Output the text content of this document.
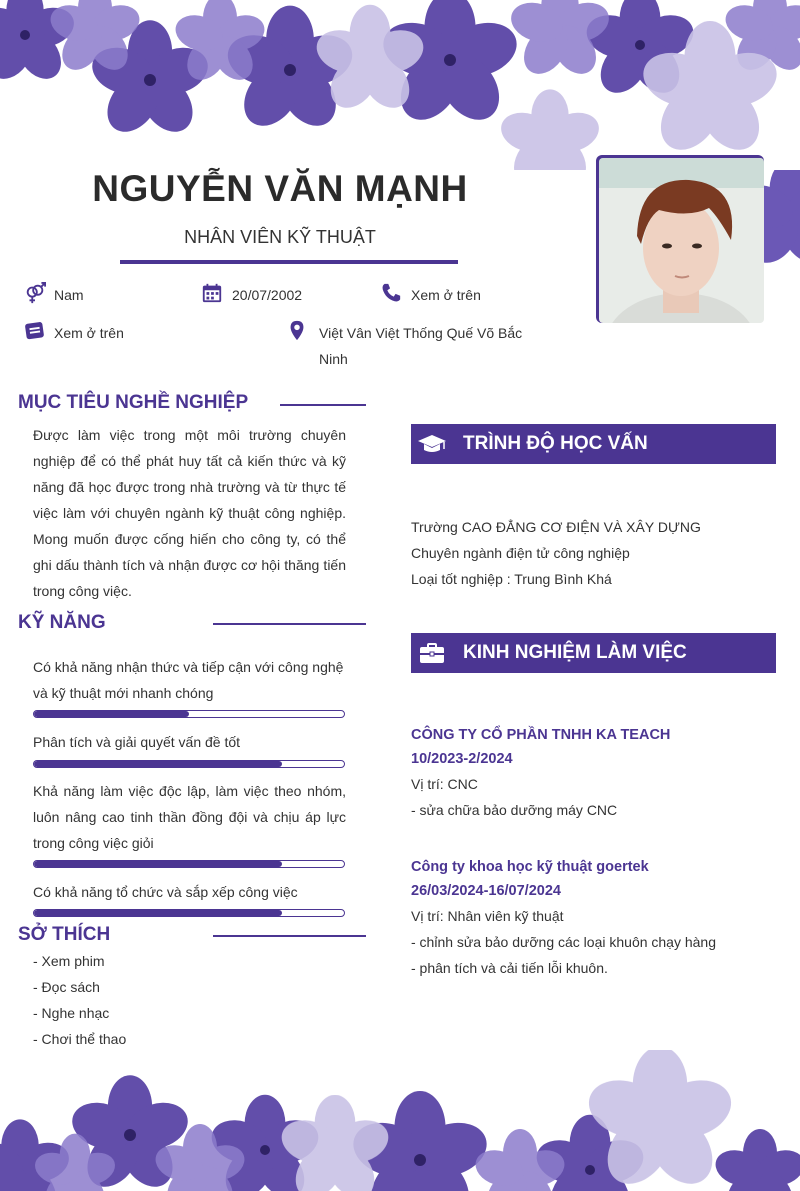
NGUYỄN VĂN MẠNH
NHÂN VIÊN KỸ THUẬT
Nam	20/07/2002	Xem ở trên
Xem ở trên	Việt Vân Việt Thống Quế Võ Bắc
Ninh
MỤC TIÊU NGHỀ NGHIỆP
Được làm việc trong một môi trường chuyên
nghiệp để có thể phát huy tất cả kiến thức và kỹ
năng đã học được trong nhà trường và từ thực tế
việc làm với chuyên ngành kỹ thuật công nghiệp.
Mong muốn được cống hiến cho công ty, có thể
ghi dấu thành tích và nhận được cơ hội thăng tiến
trong công việc.
KỸ NĂNG
Có khả năng nhận thức và tiếp cận với công nghệ
và kỹ thuật mới nhanh chóng
Phân tích và giải quyết vấn đề tốt
Khả năng làm việc độc lập, làm việc theo nhóm,
luôn nâng cao tinh thần đồng đội và chịu áp lực
trong công việc giỏi
Có khả năng tổ chức và sắp xếp công việc
SỞ THÍCH
- Xem phim
- Đọc sách
- Nghe nhạc
- Chơi thể thao
TRÌNH ĐỘ HỌC VẤN
Trường CAO ĐẲNG CƠ ĐIỆN VÀ XÂY DỰNG
Chuyên ngành điện tử công nghiệp
Loại tốt nghiệp : Trung Bình Khá
KINH NGHIỆM LÀM VIỆC
CÔNG TY CỔ PHẦN TNHH KA TEACH
10/2023-2/2024
Vị trí: CNC
- sửa chữa bảo dưỡng máy CNC
Công ty khoa học kỹ thuật goertek
26/03/2024-16/07/2024
Vị trí: Nhân viên kỹ thuật
- chỉnh sửa bảo dưỡng các loại khuôn chạy hàng
- phân tích và cải tiến lỗi khuôn.
